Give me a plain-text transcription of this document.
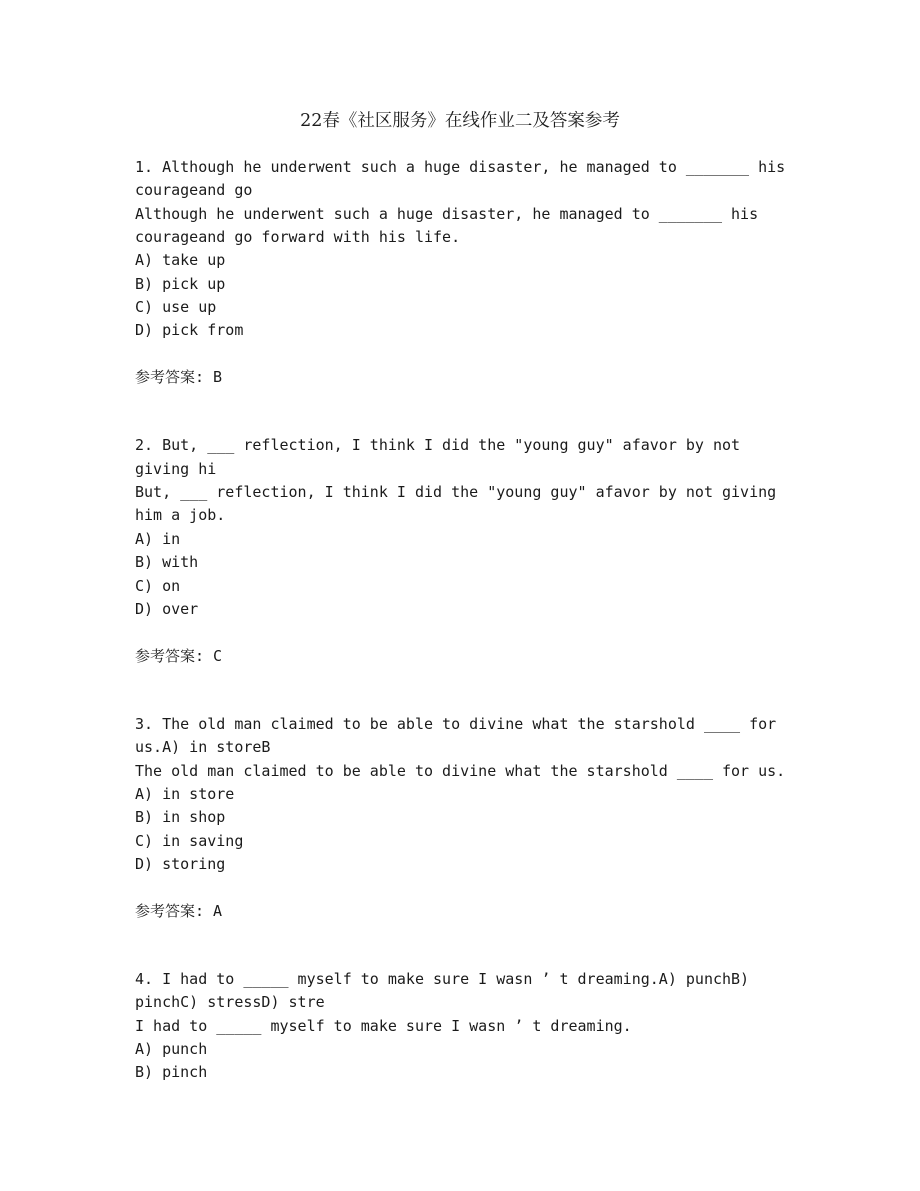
22春《社区服务》在线作业二及答案参考
1. Although he underwent such a huge disaster, he managed to _______ his
courageand go
Although he underwent such a huge disaster, he managed to _______ his
courageand go forward with his life.
A) take up
B) pick up
C) use up
D) pick from
参考答案: B
2. But, ___ reflection, I think I did the "young guy" afavor by not
giving hi
But, ___ reflection, I think I did the "young guy" afavor by not giving
him a job.
A) in
B) with
C) on
D) over
参考答案: C
3. The old man claimed to be able to divine what the starshold ____ for
us.A) in storeB
The old man claimed to be able to divine what the starshold ____ for us.
A) in store
B) in shop
C) in saving
D) storing
参考答案: A
4. I had to _____ myself to make sure I wasn ’ t dreaming.A) punchB)
pinchC) stressD) stre
I had to _____ myself to make sure I wasn ’ t dreaming.
A) punch
B) pinch
